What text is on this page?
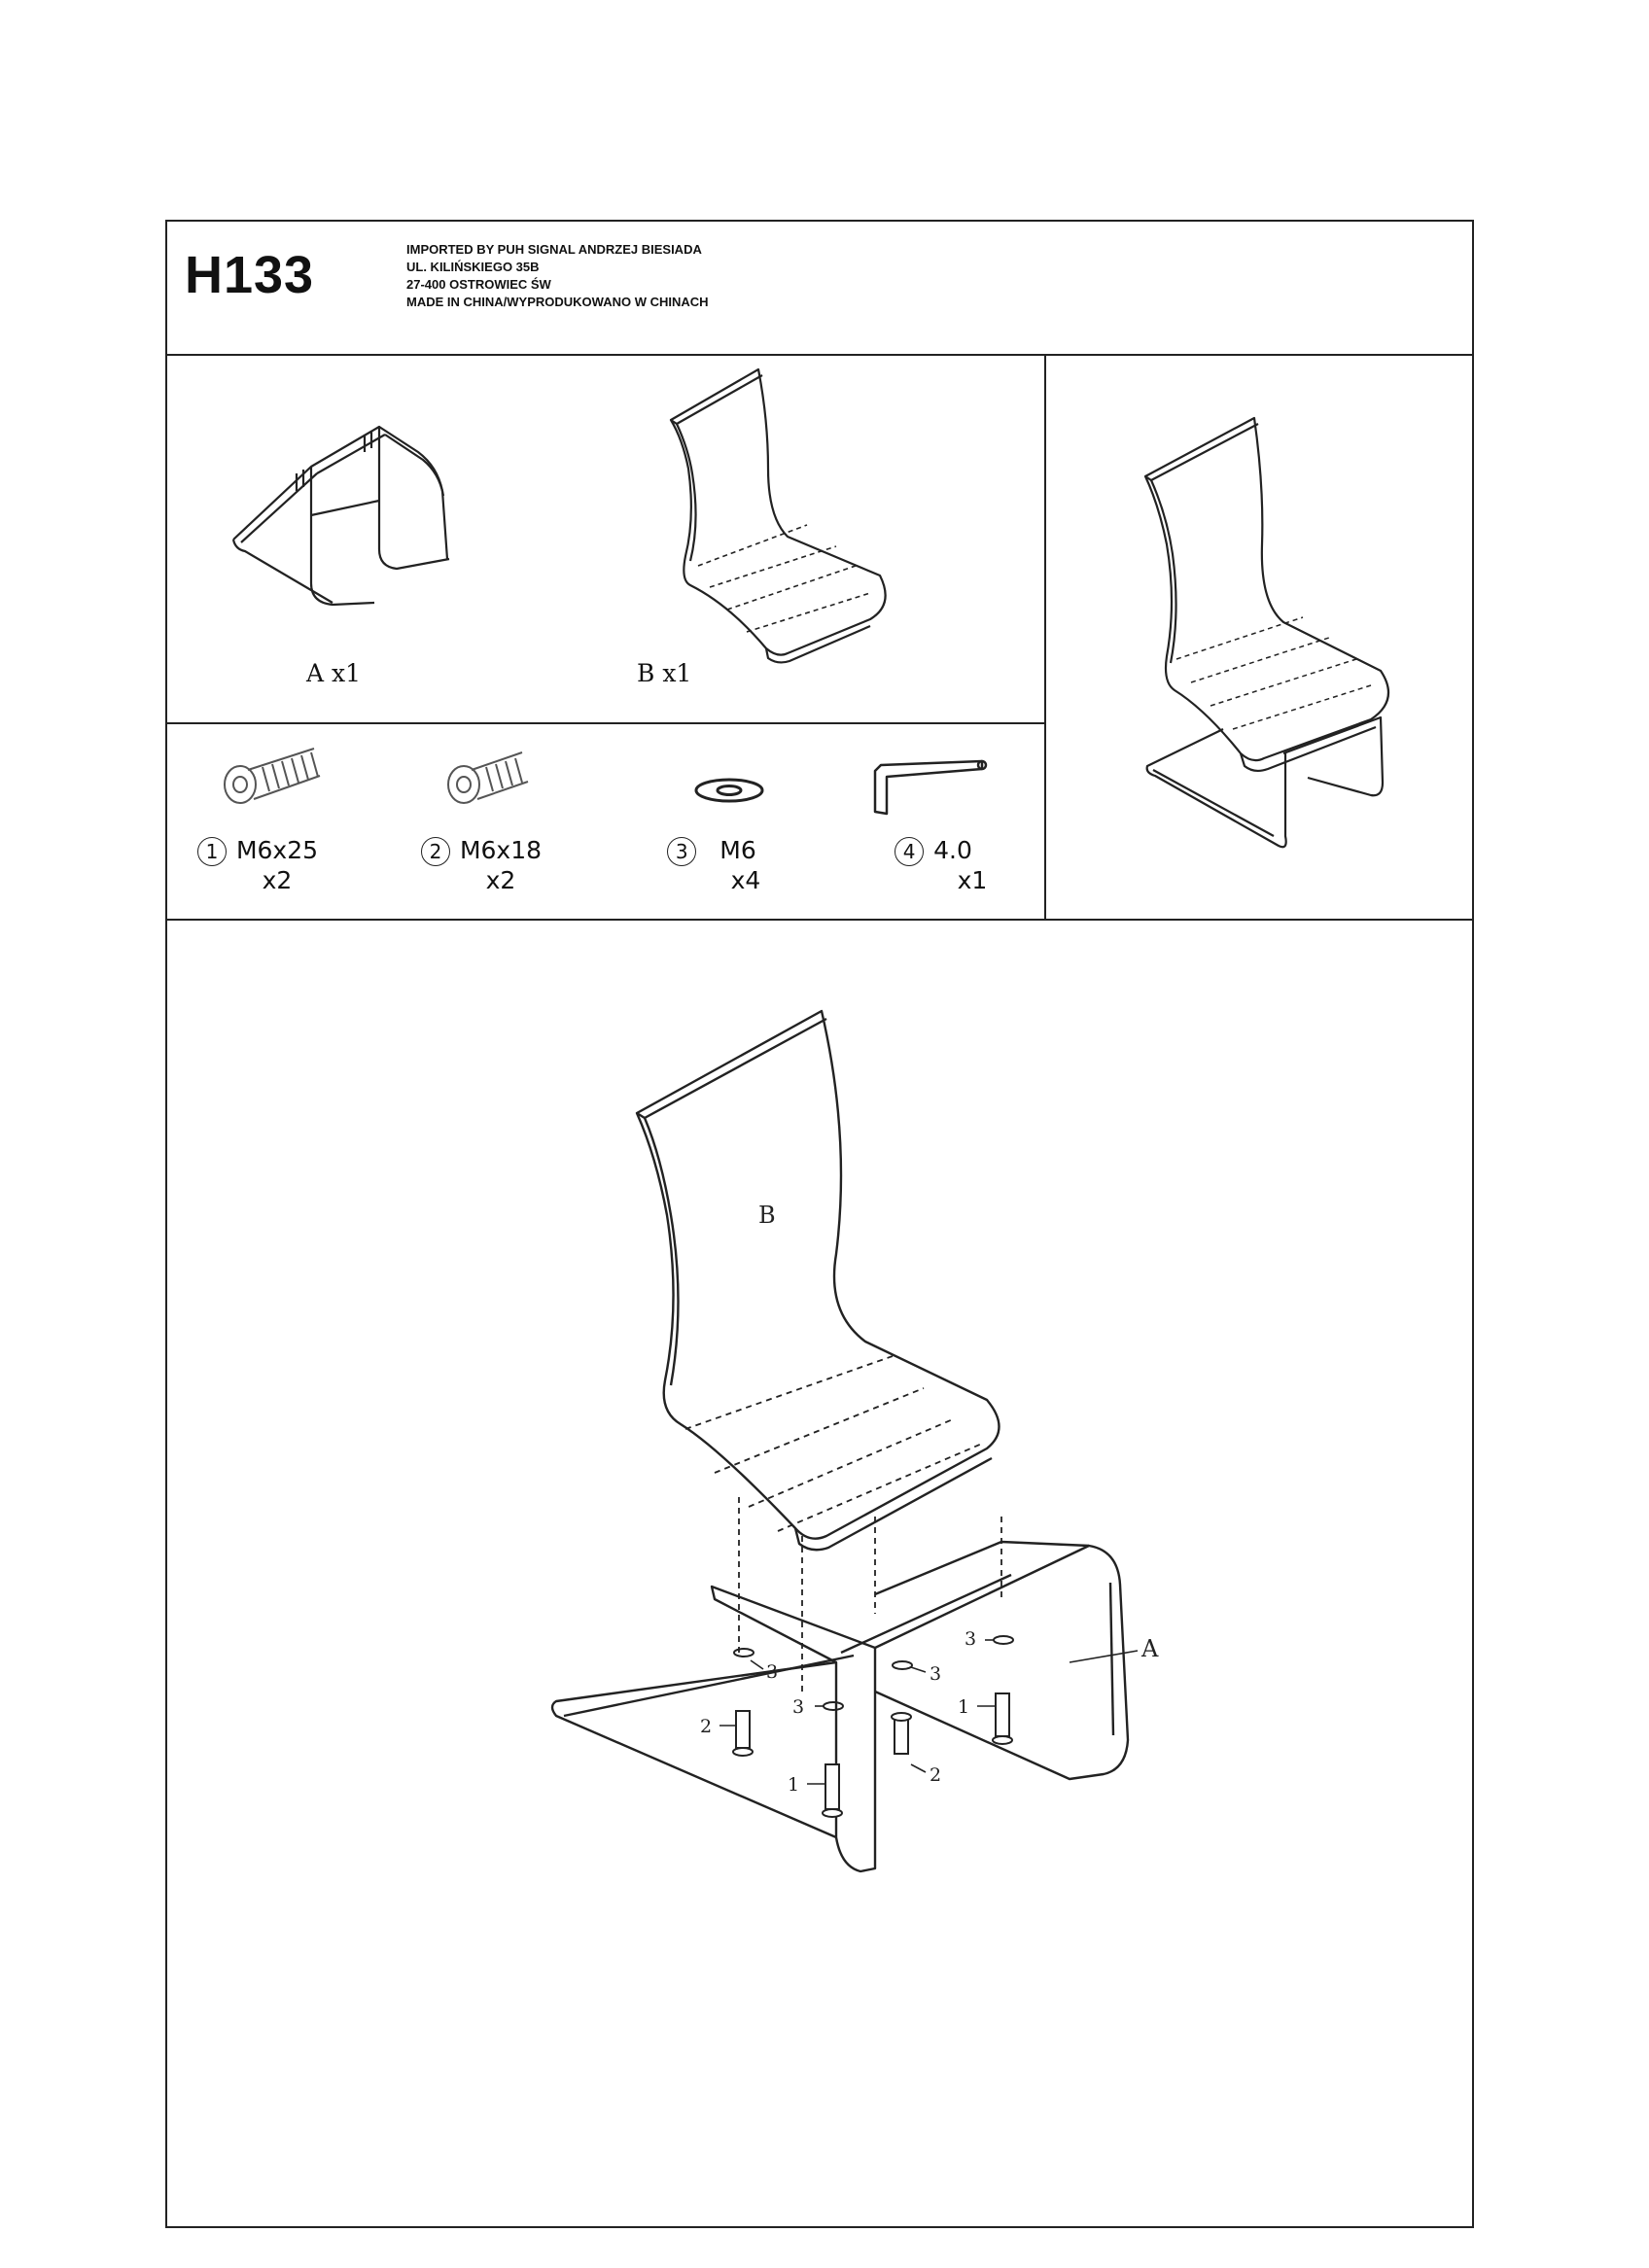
H133	IMPORTED BY PUH SIGNAL ANDRZEJ BIESIADA
UL. KILIŃSKIEGO 35B
27-400 OSTROWIEC ŚW
MADE IN CHINA/WYPRODUKOWANO W CHINACH
A x1	B x1
1 M6x25
x2
2 M6x18
x2
3 M6
x4
4 4.0
x1
3
3
3
3
2
2
1
1
B
A
